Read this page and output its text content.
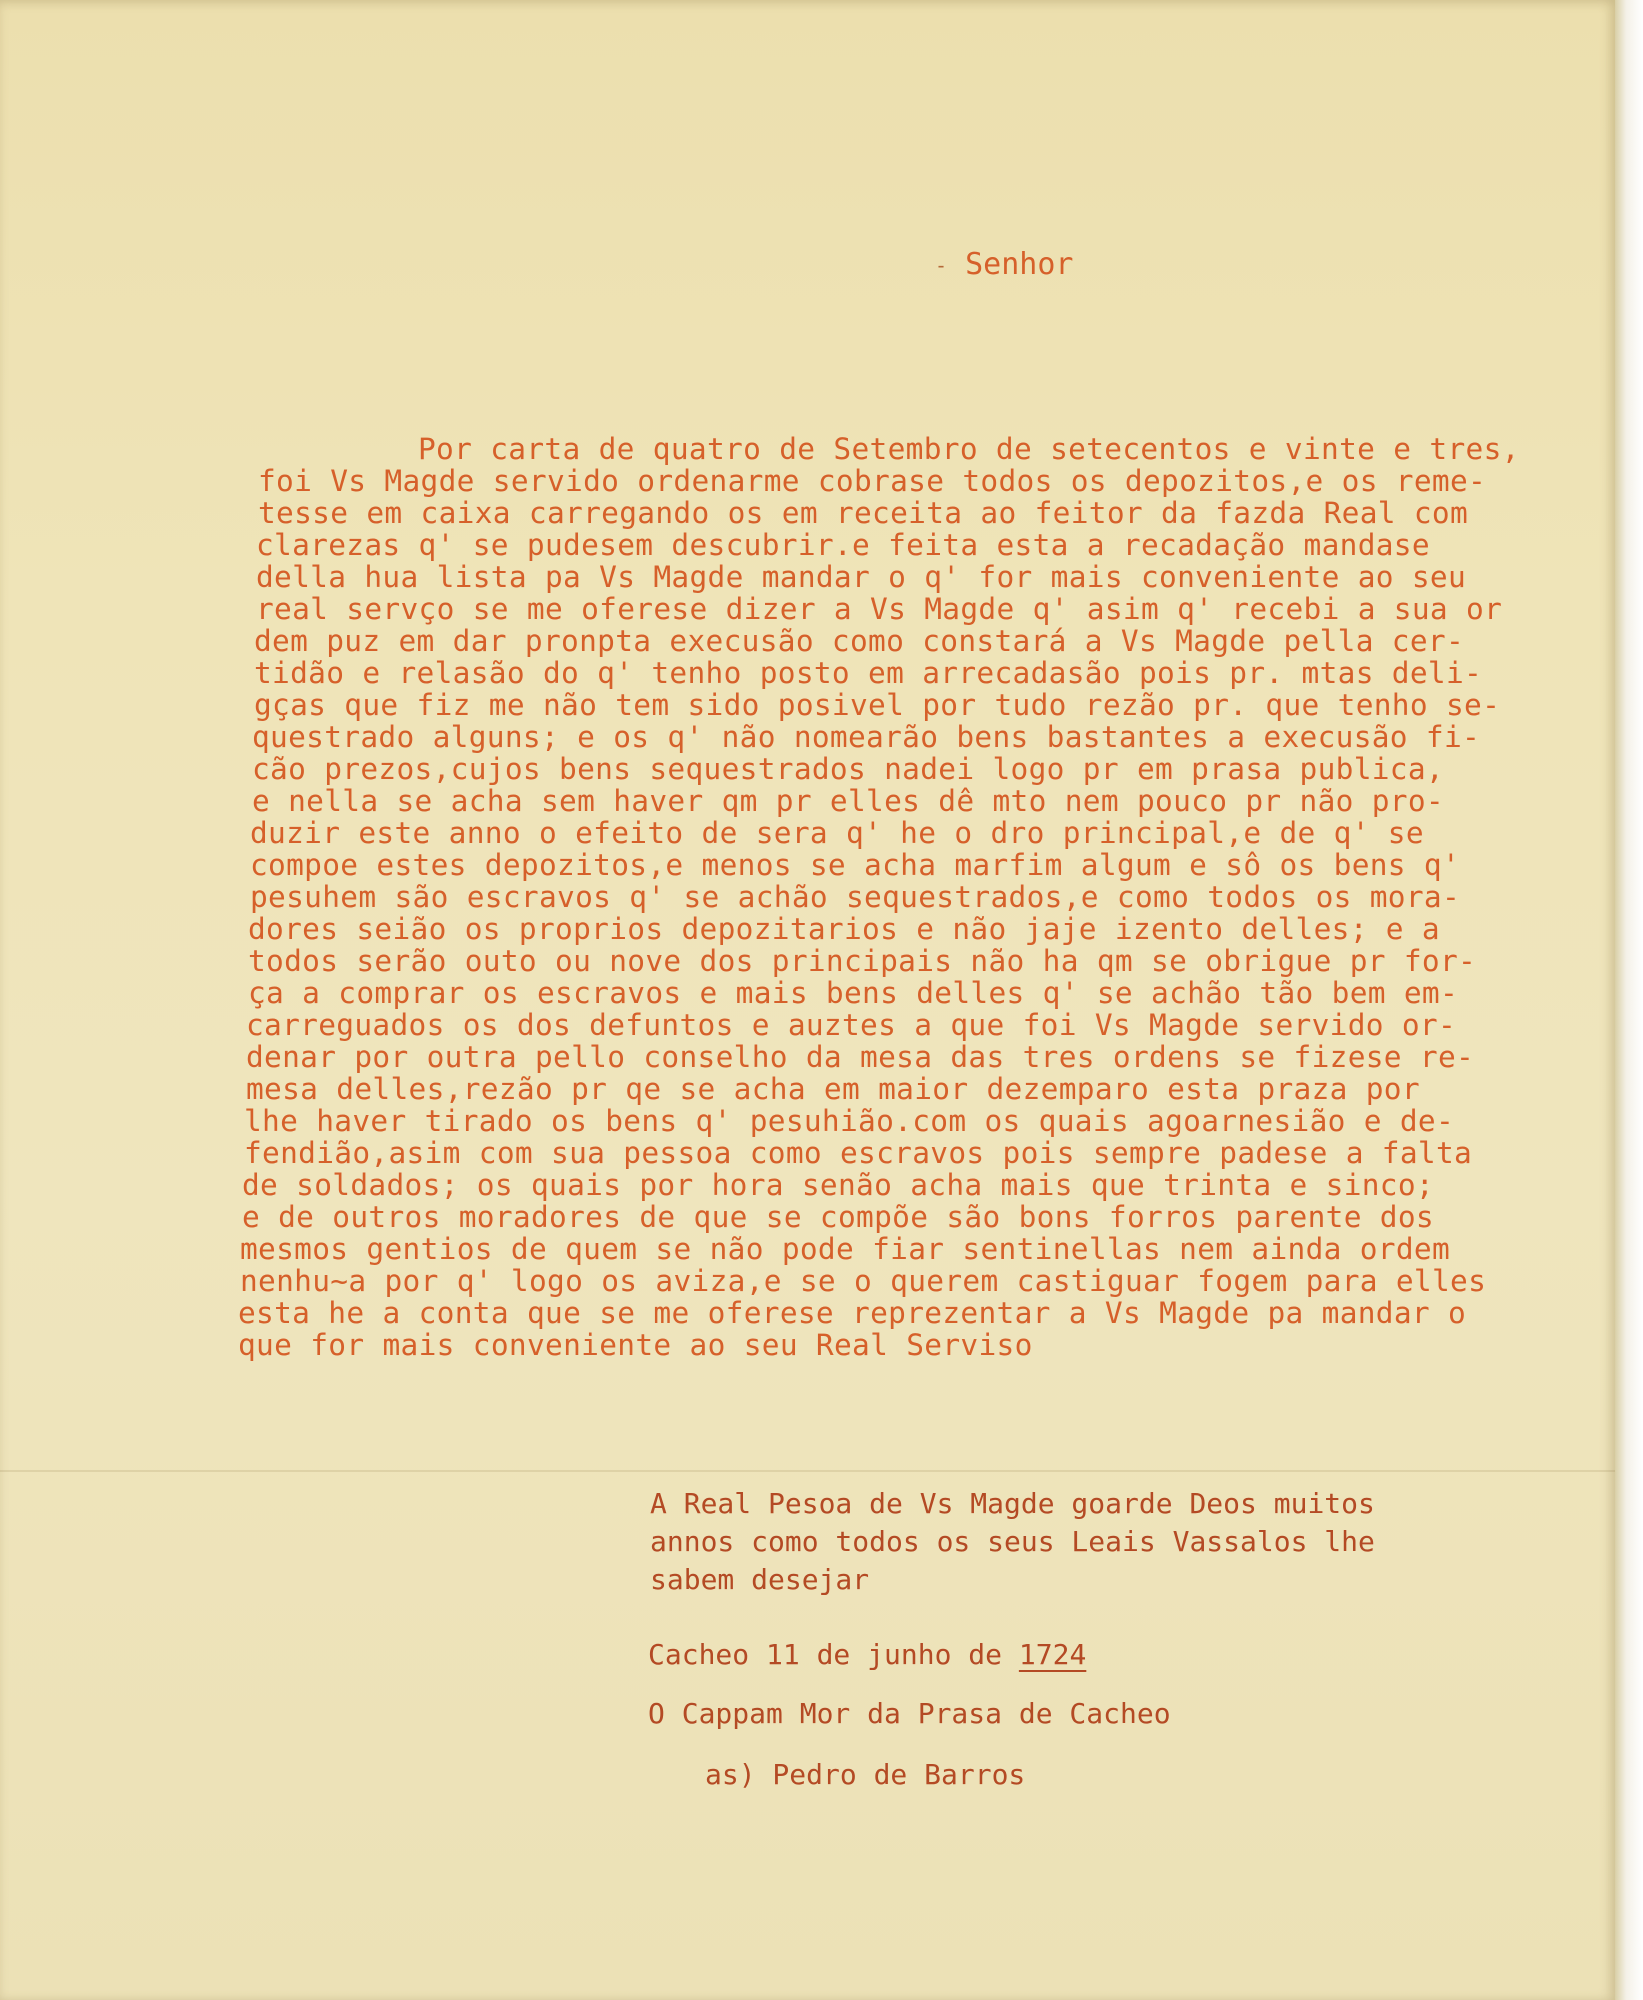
- Senhor

Por carta de quatro de Setembro de setecentos e vinte e tres,

foi Vs Magde servido ordenarme cobrase todos os depozitos,e os reme-

tesse em caixa carregando os em receita ao feitor da fazda Real com

clarezas q' se pudesem descubrir.e feita esta a recadação mandase

della hua lista pa Vs Magde mandar o q' for mais conveniente ao seu

real servço se me oferese dizer a Vs Magde q' asim q' recebi a sua or

dem puz em dar pronpta execusão como constará a Vs Magde pella cer-

tidão e relasão do q' tenho posto em arrecadasão pois pr. mtas deli-

gças que fiz me não tem sido posivel por tudo rezão pr. que tenho se-

questrado alguns; e os q' não nomearão bens bastantes a execusão fi-

cão prezos,cujos bens sequestrados nadei logo pr em prasa publica,

e nella se acha sem haver qm pr elles dê mto nem pouco pr não pro-

duzir este anno o efeito de sera q' he o dro principal,e de q' se

compoe estes depozitos,e menos se acha marfim algum e sô os bens q'

pesuhem são escravos q' se achão sequestrados,e como todos os mora-

dores seião os proprios depozitarios e não jaje izento delles; e a

todos serão outo ou nove dos principais não ha qm se obrigue pr for-

ça a comprar os escravos e mais bens delles q' se achão tão bem em-

carreguados os dos defuntos e auztes a que foi Vs Magde servido or-

denar por outra pello conselho da mesa das tres ordens se fizese re-

mesa delles,rezão pr qe se acha em maior dezemparo esta praza por

lhe haver tirado os bens q' pesuhião.com os quais agoarnesião e de-

fendião,asim com sua pessoa como escravos pois sempre padese a falta

de soldados; os quais por hora senão acha mais que trinta e sinco;

e de outros moradores de que se compõe são bons forros parente dos

mesmos gentios de quem se não pode fiar sentinellas nem ainda ordem

nenhu~a por q' logo os aviza,e se o querem castiguar fogem para elles

esta he a conta que se me oferese reprezentar a Vs Magde pa mandar o

que for mais conveniente ao seu Real Serviso

A Real Pesoa de Vs Magde goarde Deos muitos

annos como todos os seus Leais Vassalos lhe

sabem desejar

Cacheo 11 de junho de 1724

O Cappam Mor da Prasa de Cacheo

as) Pedro de Barros
